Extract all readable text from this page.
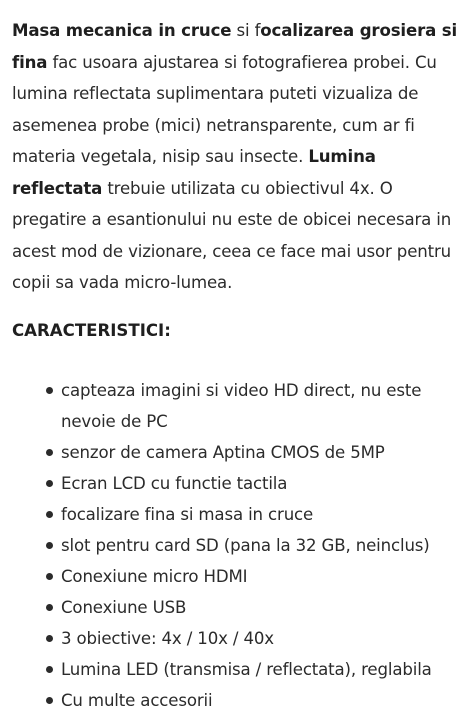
Masa mecanica in cruce si focalizarea grosiera si fina fac usoara ajustarea si fotografierea probei. Cu lumina reflectata suplimentara puteti vizualiza de asemenea probe (mici) netransparente, cum ar fi materia vegetala, nisip sau insecte. Lumina reflectata trebuie utilizata cu obiectivul 4x. O pregatire a esantionului nu este de obicei necesara in acest mod de vizionare, ceea ce face mai usor pentru copii sa vada micro-lumea.

CARACTERISTICI:

capteaza imagini si video HD direct, nu este nevoie de PC
senzor de camera Aptina CMOS de 5MP
Ecran LCD cu functie tactila
focalizare fina si masa in cruce
slot pentru card SD (pana la 32 GB, neinclus)
Conexiune micro HDMI
Conexiune USB
3 obiective: 4x / 10x / 40x
Lumina LED (transmisa / reflectata), reglabila
Cu multe accesorii
